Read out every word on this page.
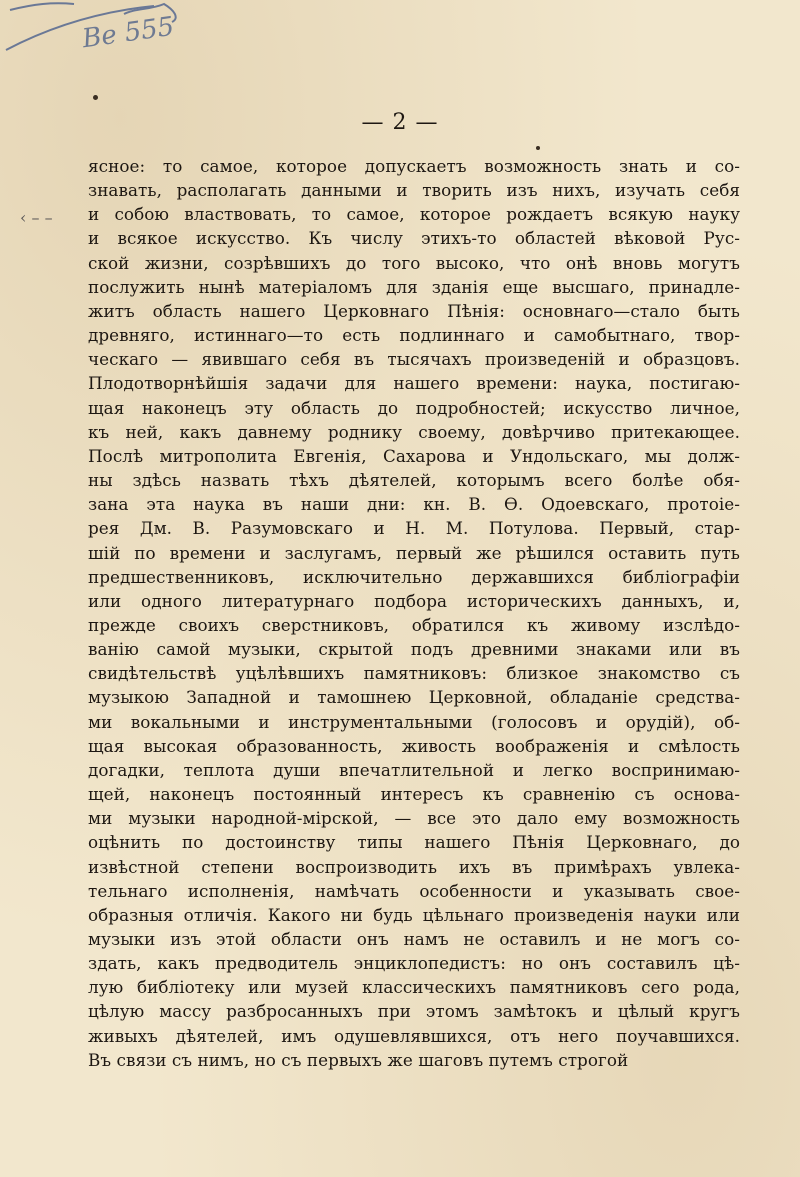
Ве 555
— 2 —
‹ – –
ясное: то самое, которое допускаетъ возможность знать и со-
знавать, располагать данными и творить изъ нихъ, изучать себя
и собою властвовать, то самое, которое рождаетъ всякую науку
и всякое искусство. Къ числу этихъ-то областей вѣковой Рус-
ской жизни, созрѣвшихъ до того высоко, что онѣ вновь могутъ
послужить нынѣ матеріаломъ для зданія еще высшаго, принадле-
житъ область нашего Церковнаго Пѣнія: основнаго—стало быть
древняго, истиннаго—то есть подлиннаго и самобытнаго, твор-
ческаго — явившаго себя въ тысячахъ произведеній и образцовъ.
Плодотворнѣйшія задачи для нашего времени: наука, постигаю-
щая наконецъ эту область до подробностей; искусство личное,
къ ней, какъ давнему роднику своему, довѣрчиво притекающее.
Послѣ митрополита Евгенія, Сахарова и Ундольскаго, мы долж-
ны здѣсь назвать тѣхъ дѣятелей, которымъ всего болѣе обя-
зана эта наука въ наши дни: кн. В. Ѳ. Одоевскаго, протоіе-
рея Дм. В. Разумовскаго и Н. М. Потулова. Первый, стар-
шій по времени и заслугамъ, первый же рѣшился оставить путь
предшественниковъ, исключительно державшихся библіографіи
или одного литературнаго подбора историческихъ данныхъ, и,
прежде своихъ сверстниковъ, обратился къ живому изслѣдо-
ванію самой музыки, скрытой подъ древними знаками или въ
свидѣтельствѣ уцѣлѣвшихъ памятниковъ: близкое знакомство съ
музыкою Западной и тамошнею Церковной, обладаніе средства-
ми вокальными и инструментальными (голосовъ и орудій), об-
щая высокая образованность, живость воображенія и смѣлость
догадки, теплота души впечатлительной и легко воспринимаю-
щей, наконецъ постоянный интересъ къ сравненію съ основа-
ми музыки народной-мірской, — все это дало ему возможность
оцѣнить по достоинству типы нашего Пѣнія Церковнаго, до
извѣстной степени воспроизводить ихъ въ примѣрахъ увлека-
тельнаго исполненія, намѣчать особенности и указывать свое-
образныя отличія. Какого ни будь цѣльнаго произведенія науки или
музыки изъ этой области онъ намъ не оставилъ и не могъ со-
здать, какъ предводитель энциклопедистъ: но онъ составилъ цѣ-
лую библіотеку или музей классическихъ памятниковъ сего рода,
цѣлую массу разбросанныхъ при этомъ замѣтокъ и цѣлый кругъ
живыхъ дѣятелей, имъ одушевлявшихся, отъ него поучавшихся.
Въ связи съ нимъ, но съ первыхъ же шаговъ путемъ строгой
